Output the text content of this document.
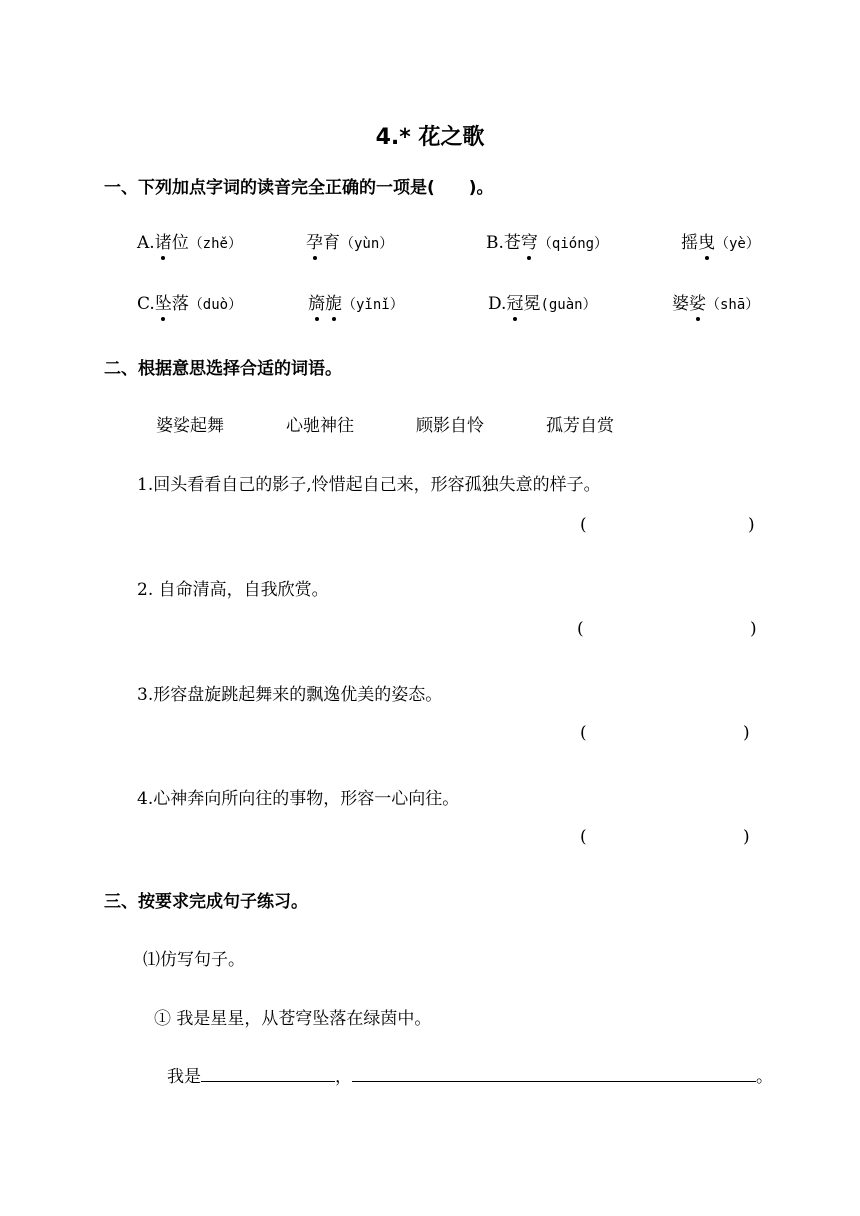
4.* 花之歌
一、下列加点字词的读音完全正确的一项是(　　)。
A.诸位（zhě）	孕育（yùn）	B.苍穹（qióng）	摇曳（yè）
C.坠落（duò）	旖旎（yǐnǐ）	D.冠冕(guàn）	婆娑（shā）
二、根据意思选择合适的词语。
婆娑起舞	心驰神往	顾影自怜	孤芳自赏
1.回头看看自己的影子,怜惜起自己来，形容孤独失意的样子。
(	)
2. 自命清高，自我欣赏。
(	)
3.形容盘旋跳起舞来的飘逸优美的姿态。
(	)
4.心神奔向所向往的事物，形容一心向往。
(	)
三、按要求完成句子练习。
⑴仿写句子。
① 我是星星，从苍穹坠落在绿茵中。
我是	，	。
